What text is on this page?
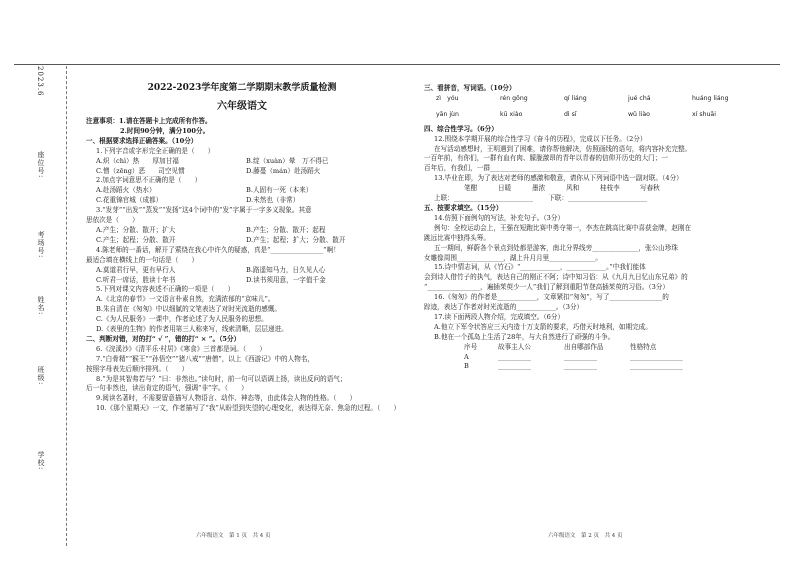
2023.6
学校:
班级:
姓名:
考场号:
座位号:

2022-2023学年度第二学期期末教学质量检测

六年级语文

注意事项：1.请在答题卡上完成所有作答。

2.时间90分钟，满分100分。

一、根据要求选择正确答案。（10分）

1.下列字音或字形完全正确的是（　　）

A.炽（chì）热　　厚加甘福	B.绽（xuàn）晕　万不得已
C.憎（zēng）恶　　司空见惯	D.藤蔓（mán）赴汤蹈火

2.加点字词意思不正确的是（　　）

A.赴汤蹈火（热水）	B.人固有一死（本来）
C.花重锦官城（成都）	D.未然也（非常）

3.“发芽”“出发”“蒸发”“发扬”这4个词中的“发”字属于一字多义现象。其意

思依次是（　　）

A.产生；分散、散开；扩大	B.产生；分散、散开；起程
C.产生；起程；分散、散开	D.产生；起程；扩大；分散、散开

4.陈老师的一番话，解开了萦绕在我心中许久的疑惑，真是“________________”啊！

最适合填在横线上的一句话是（　　）

A.莫道君行早，更有早行人	B.路遥知马力，日久见人心
C.听君一席话，胜读十年书	D.读书须用意，一字值千金

5.下列对课文内容表述不正确的一项是（　　）

A.《北京的春节》一文语言朴素自然，充满浓郁的“京味儿”。

B.朱自清在《匆匆》中以细腻的文笔表达了对时光流逝的感慨。

C.《为人民服务》一课中，作者论述了为人民服务的思想。

D.《表里的生物》的作者用第三人称来写，线索清晰，层层递进。

二、判断对错，对的打“ √ ”，错的打“ × ”。（5分）

6.《浣溪沙》《清平乐·村居》《寒食》三首都是词。（　　）

7.“白骨精”“猴王”“孙悟空”“猪八戒”“唐僧”，以上《西游记》中的人物名，

按照字母表先后顺序排列。（　　）

8.“为是其智弗若与？”曰：非然也。”读句时，前一句可以语调上扬，读出反问的语气；

后一句非然也，读出肯定的语气，强调“非”字。（　　）

9.阅读名著时，不需要留意描写人物语言、动作、神态等，由此体会人物的性格。（　　）

10.《那个星期天》一文，作者描写了“我”从盼望到失望的心理变化，表达得无奈、焦急的过程。（　　）

三、看拼音，写词语。（10分）

zì　yóu	rén gōng	qí liáng	jué chá	huáng liáng

yān jùn	kū xiào	dì sī	wǔ liào	xí shuāi

四、综合性学习。（6分）

12.围绕本学期开展的综合性学习《奋斗的历程》，完成以下任务。（2分）

在写活动感想时，王明遇到了困难，请你帮他解决，仿照画线的语句，将内容补充完整。

一百年前，有你们，一群有血有肉、朦胧激昂的青年以青春的信仰开历史的大门；一

百年后，有我们，一群____________________________________

13.毕业在即，为了表达对老师的感激和敬意，请你从下列词语中选一副对联。（4分）

笔酣	日暖	墨浓	风和	桂枝李	写春秋

上联：________________________　　 下联：________________________

五、按要求填空。（15分）

14.仿照下面例句的写法，补充句子。（3分）

例句：全校运动会上，王强在短跑比赛中勇夺第一，李杰在跳高比赛中喜获金牌，赵刚在

跳远比赛中独得头筹。

五一期间，鲜蔚各个景点到处都是游客，南北分界线旁______________，张公山珍珠

女雕像周围______________，湖上升月月里______________。

15.诗中情志词，从《竹石》“____________，____________。”中我们能体

会到诗人借竹子的执气，表达自己的刚正不阿；诗中知习俗：从《九月九日忆山东兄弟》的

“________________，遍插茱萸少一人”我们了解到重阳节登高插茱萸的习俗。（3分）

16.《匆匆》的作者是____________，文章紧扣“匆匆”，写了________________的

踪迹，表达了作者对时光流逝的____________。（3分）

17.读下面两段人物介绍，完成填空。（6分）

A.他立下军令状答应三天内造十万支箭的要求，巧借天时地利，如期完成。

B.他在一个孤岛上生活了28年，与大自然进行了顽强的斗争。

序号	故事主人公	出自哪部作品	性格特点
A	__________	__________	________________
B	__________	__________	________________
六年级语文　第 1 页　共 4 页	六年级语文　第 2 页　共 4 页
